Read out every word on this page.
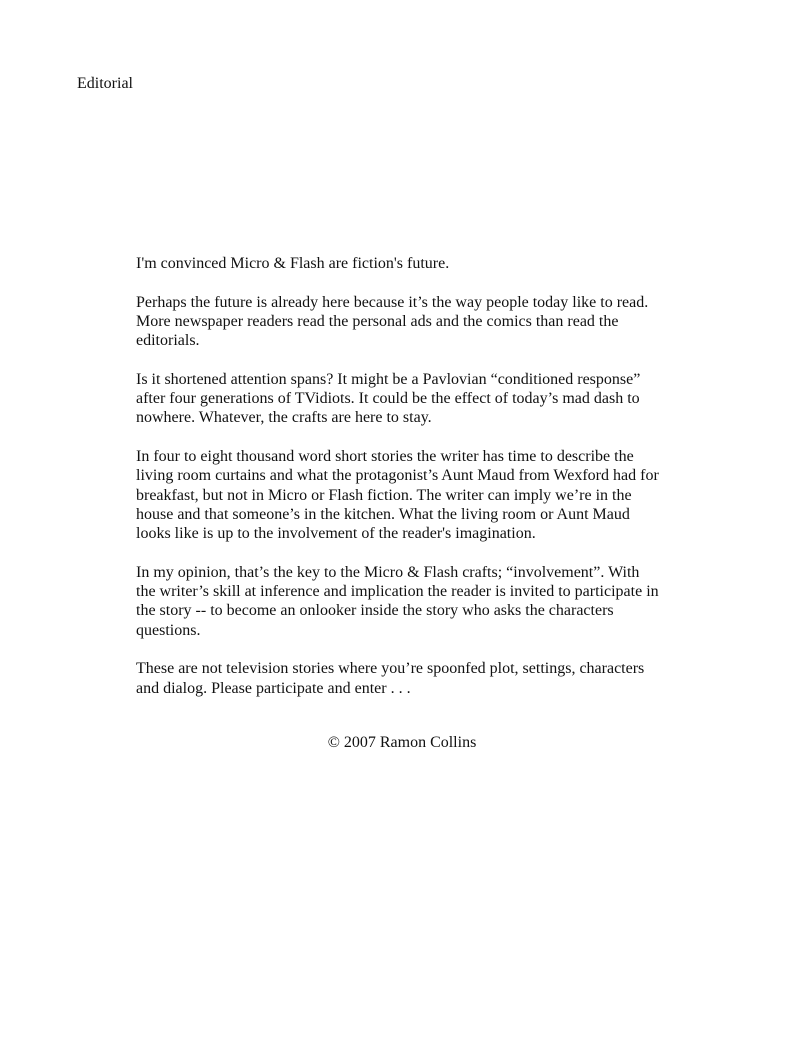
Editorial

I'm convinced Micro & Flash are fiction's future.

Perhaps the future is already here because it’s the way people today like to read.
More newspaper readers read the personal ads and the comics than read the
editorials.

Is it shortened attention spans? It might be a Pavlovian “conditioned response”
after four generations of TVidiots. It could be the effect of today’s mad dash to
nowhere. Whatever, the crafts are here to stay.

In four to eight thousand word short stories the writer has time to describe the
living room curtains and what the protagonist’s Aunt Maud from Wexford had for
breakfast, but not in Micro or Flash fiction. The writer can imply we’re in the
house and that someone’s in the kitchen. What the living room or Aunt Maud
looks like is up to the involvement of the reader's imagination.

In my opinion, that’s the key to the Micro & Flash crafts; “involvement”. With
the writer’s skill at inference and implication the reader is invited to participate in
the story -- to become an onlooker inside the story who asks the characters
questions.

These are not television stories where you’re spoonfed plot, settings, characters
and dialog. Please participate and enter . . .

© 2007 Ramon Collins
